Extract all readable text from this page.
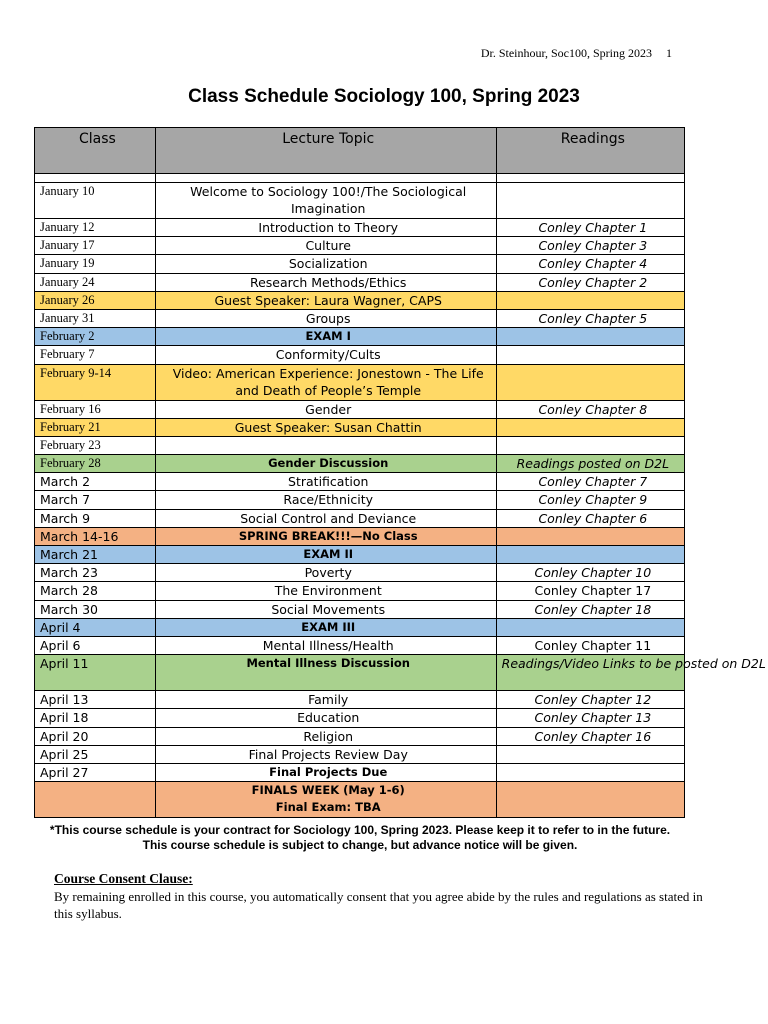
Dr. Steinhour, Soc100, Spring 2023 1
Class Schedule Sociology 100, Spring 2023
Class	Lecture Topic	Readings

January 10	Welcome to Sociology 100!/The Sociological Imagination	
January 12	Introduction to Theory	Conley Chapter 1
January 17	Culture	Conley Chapter 3
January 19	Socialization	Conley Chapter 4
January 24	Research Methods/Ethics	Conley Chapter 2
January 26	Guest Speaker: Laura Wagner, CAPS	
January 31	Groups	Conley Chapter 5
February 2	EXAM I	
February 7	Conformity/Cults	
February 9-14	Video: American Experience: Jonestown - The Life and Death of People’s Temple	
February 16	Gender	Conley Chapter 8
February 21	Guest Speaker: Susan Chattin	
February 23		
February 28	Gender Discussion	Readings posted on D2L
March 2	Stratification	Conley Chapter 7
March 7	Race/Ethnicity	Conley Chapter 9
March 9	Social Control and Deviance	Conley Chapter 6
March 14-16	SPRING BREAK!!!—No Class	
March 21	EXAM II	
March 23	Poverty	Conley Chapter 10
March 28	The Environment	Conley Chapter 17
March 30	Social Movements	Conley Chapter 18
April 4	EXAM III	
April 6	Mental Illness/Health	Conley Chapter 11
April 11	Mental Illness Discussion	Readings/Video Links to be posted on D2L
April 13	Family	Conley Chapter 12
April 18	Education	Conley Chapter 13
April 20	Religion	Conley Chapter 16
April 25	Final Projects Review Day	
April 27	Final Projects Due	
	FINALS WEEK (May 1-6)
Final Exam: TBA	
*This course schedule is your contract for Sociology 100, Spring 2023. Please keep it to refer to in the future. This course schedule is subject to change, but advance notice will be given.
Course Consent Clause:
By remaining enrolled in this course, you automatically consent that you agree abide by the rules and regulations as stated in this syllabus.
